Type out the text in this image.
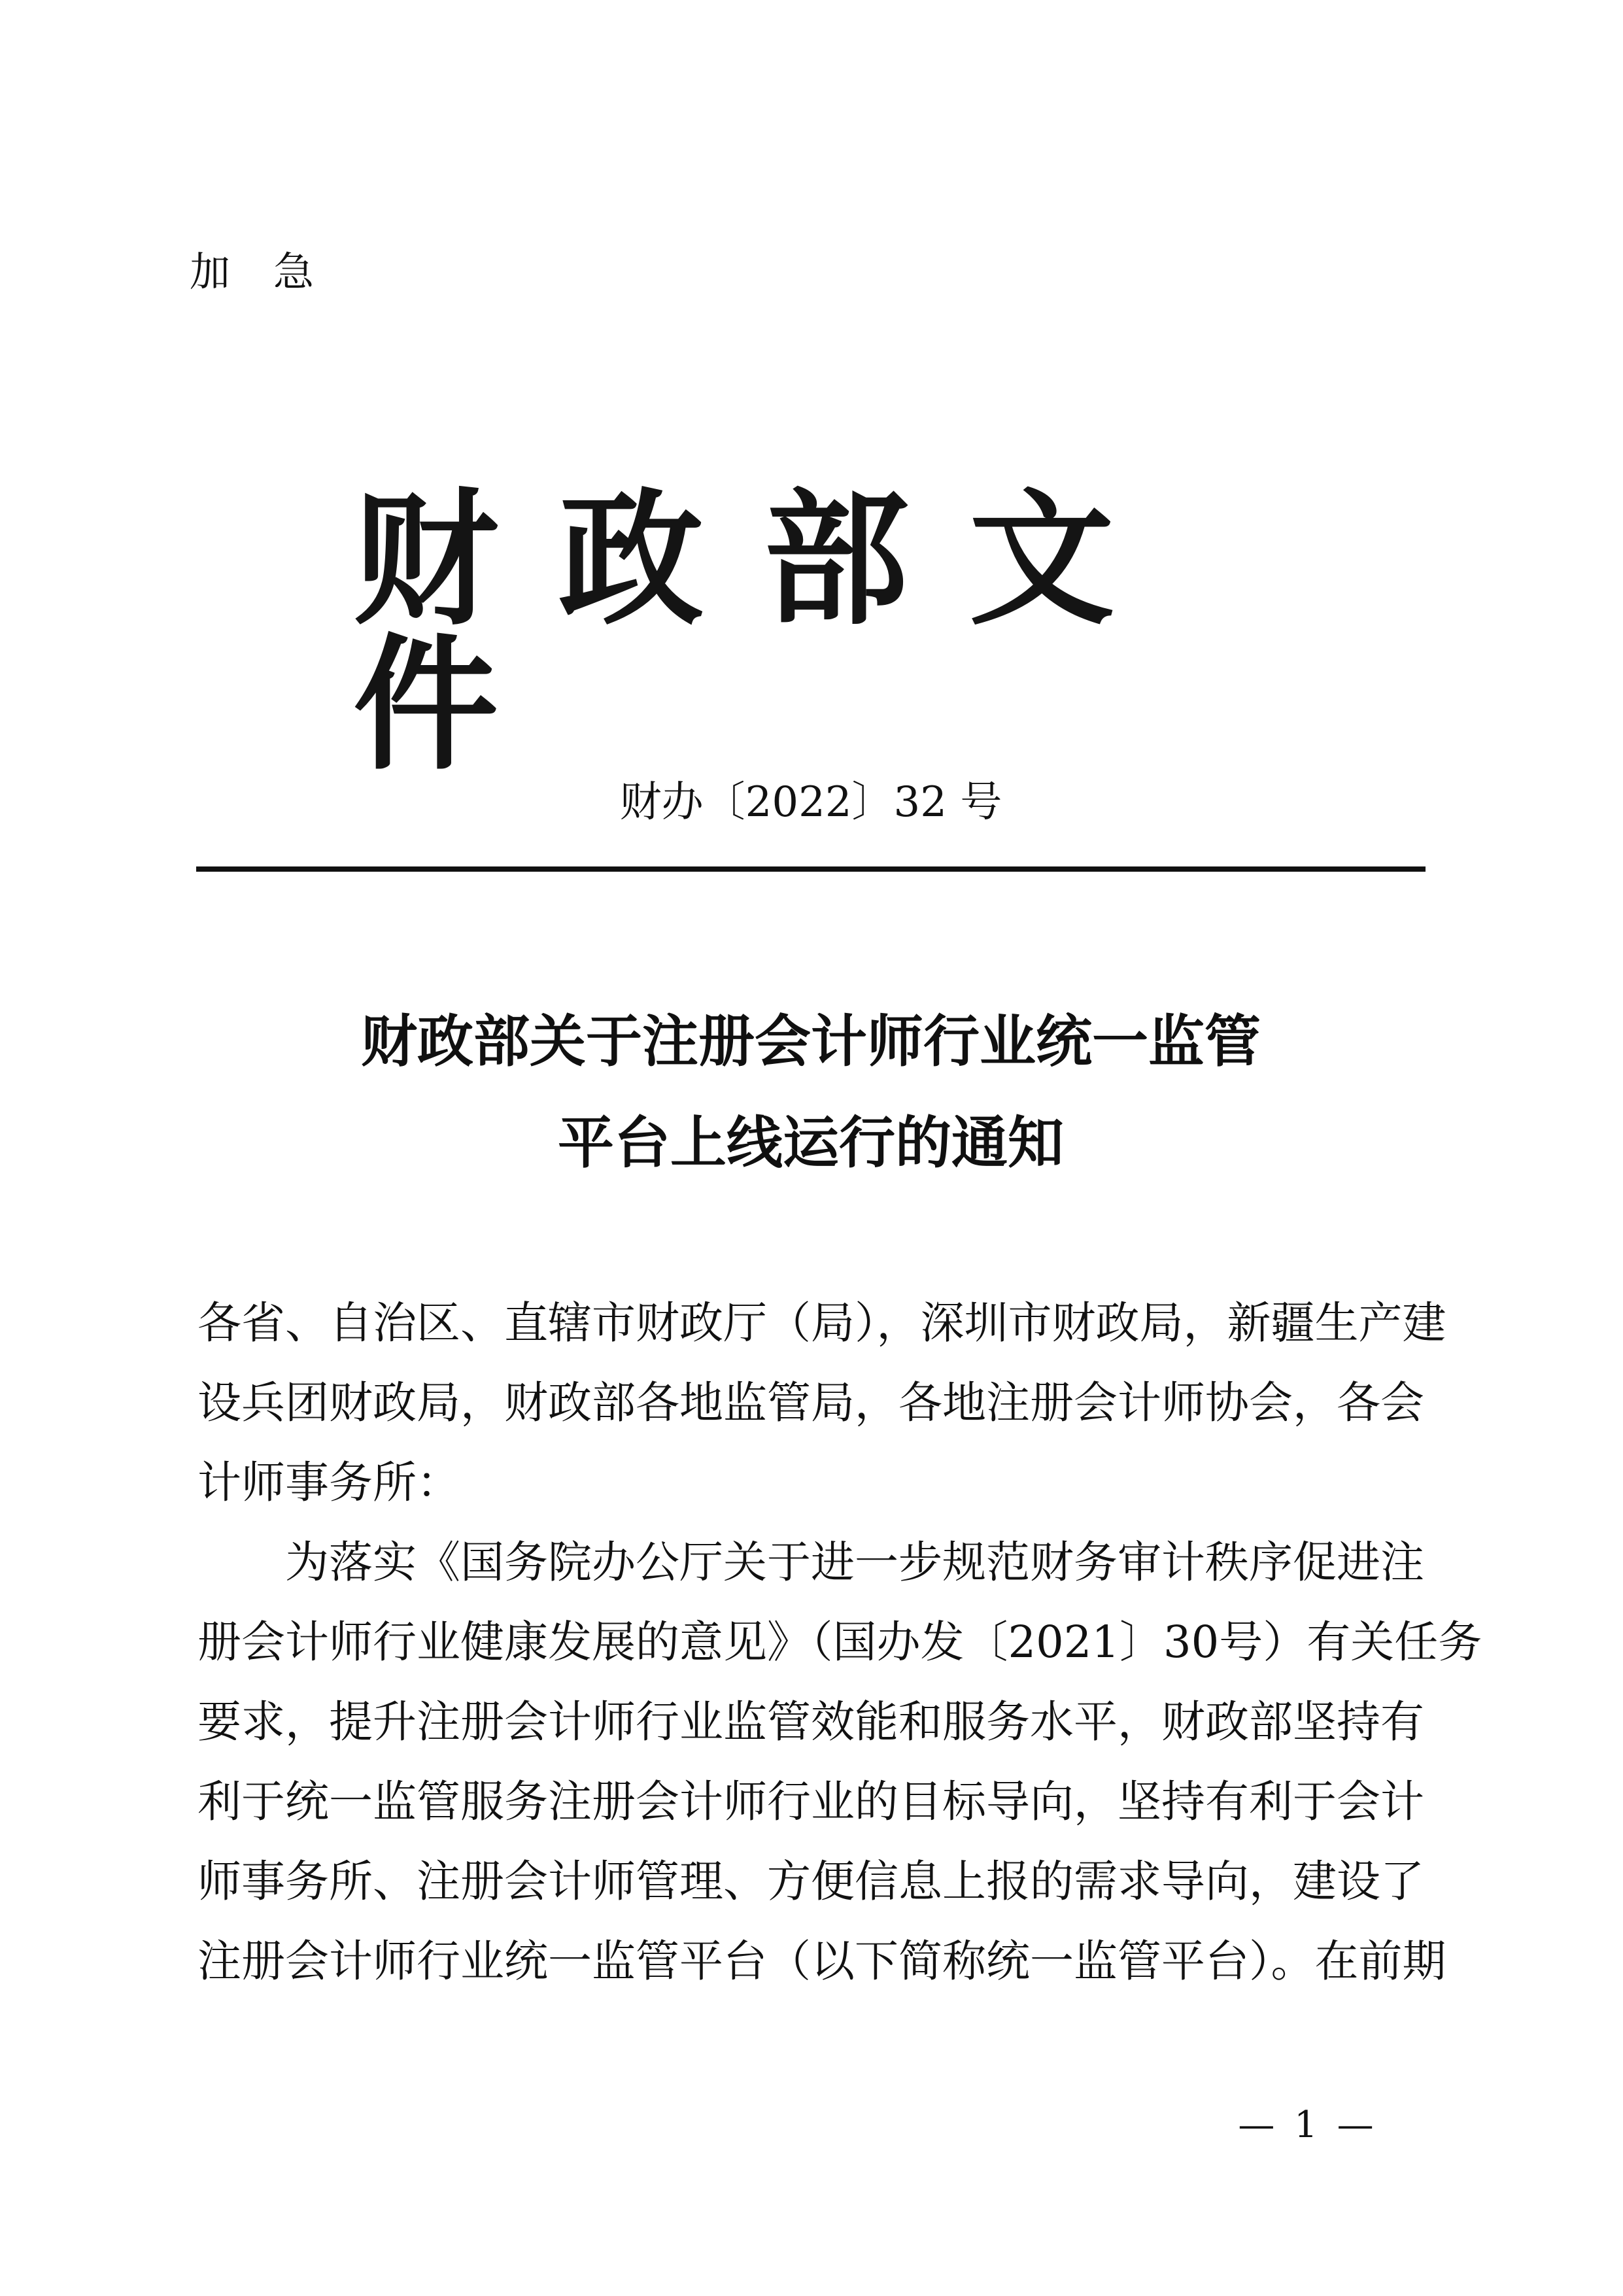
加急
财政部文件
财办〔2022〕32 号
财政部关于注册会计师行业统一监管
平台上线运行的通知
各省、自治区、直辖市财政厅（局），深圳市财政局，新疆生产建
设兵团财政局，财政部各地监管局，各地注册会计师协会，各会
计师事务所：
为落实《国务院办公厅关于进一步规范财务审计秩序促进注
册会计师行业健康发展的意见》（国办发〔2021〕30号）有关任务
要求，提升注册会计师行业监管效能和服务水平，财政部坚持有
利于统一监管服务注册会计师行业的目标导向，坚持有利于会计
师事务所、注册会计师管理、方便信息上报的需求导向，建设了
注册会计师行业统一监管平台（以下简称统一监管平台）。在前期
— 1 —
